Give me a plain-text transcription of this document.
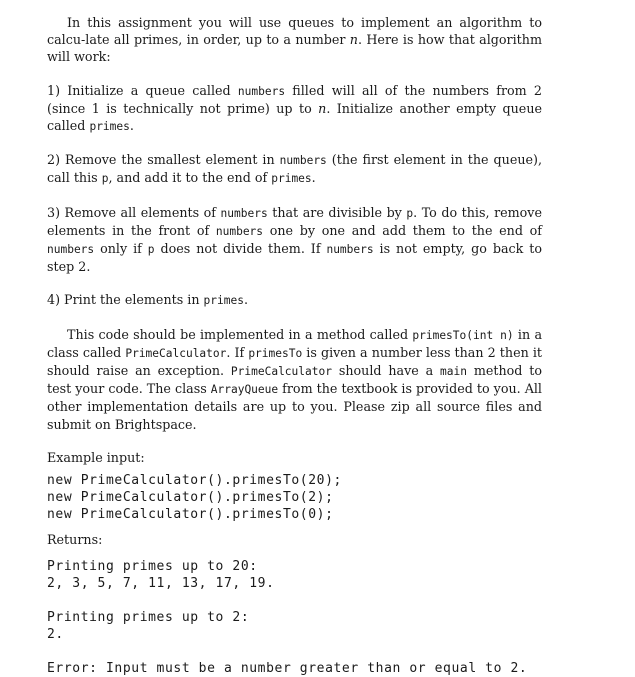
In this assignment you will use queues to implement an algorithm to calcu-late all primes, in order, up to a number n. Here is how that algorithm will work:

1) Initialize a queue called numbers filled will all of the numbers from 2 (since 1 is technically not prime) up to n. Initialize another empty queue called primes.

2) Remove the smallest element in numbers (the first element in the queue), call this p, and add it to the end of primes.

3) Remove all elements of numbers that are divisible by p. To do this, remove elements in the front of numbers one by one and add them to the end of numbers only if p does not divide them. If numbers is not empty, go back to step 2.

4) Print the elements in primes.

This code should be implemented in a method called primesTo(int n) in a class called PrimeCalculator. If primesTo is given a number less than 2 then it should raise an exception. PrimeCalculator should have a main method to test your code. The class ArrayQueue from the textbook is provided to you. All other implementation details are up to you. Please zip all source files and submit on Brightspace.

Example input:

new PrimeCalculator().primesTo(20);

new PrimeCalculator().primesTo(2);

new PrimeCalculator().primesTo(0);

Returns:

Printing primes up to 20:

2, 3, 5, 7, 11, 13, 17, 19.

Printing primes up to 2:

2.

Error: Input must be a number greater than or equal to 2.
